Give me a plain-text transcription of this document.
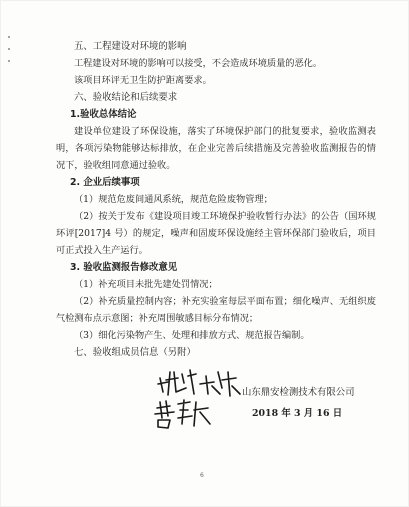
五、工程建设对环境的影响

工程建设对环境的影响可以接受，不会造成环境质量的恶化。

该项目环评无卫生防护距离要求。

六、验收结论和后续要求

1.验收总体结论

建设单位建设了环保设施，落实了环境保护部门的批复要求，验收监测表明，各项污染物能够达标排放，在企业完善后续措施及完善验收监测报告的情况下，验收组同意通过验收。

2. 企业后续事项

（1）规范危废间通风系统，规范危险废物管理；

（2）按关于发布《建设项目竣工环境保护验收暂行办法》的公告（国环规环评[2017]4 号）的规定，噪声和固废环保设施经主管环保部门验收后，项目可正式投入生产运行。

3. 验收监测报告修改意见

（1）补充项目未批先建处罚情况；

（2）补充质量控制内容；补充实验室每层平面布置；细化噪声、无组织废气检测布点示意图；补充周围敏感目标分布情况；

（3）细化污染物产生、处理和排放方式、规范报告编制。

七、验收组成员信息（另附）

山东鼎安检测技术有限公司
2018 年 3 月 16 日
6
